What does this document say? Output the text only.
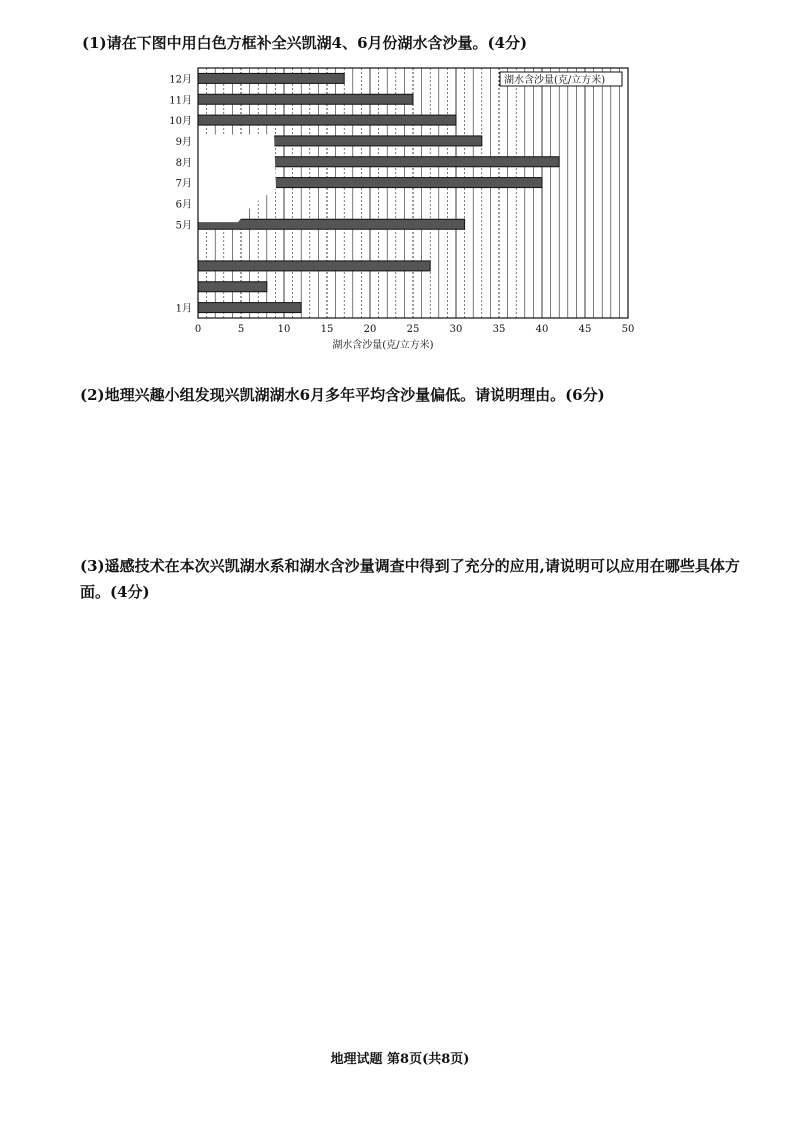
(1)请在下图中用白色方框补全兴凯湖4、6月份湖水含沙量。(4分)

1月
5月
6月
7月
8月
9月
10月
11月
12月
0	5	10	15	20	25	30	35	40	45	50
湖水含沙量(克/立方米)
湖水含沙量(克/立方米)

(2)地理兴趣小组发现兴凯湖湖水6月多年平均含沙量偏低。请说明理由。(6分)

(3)遥感技术在本次兴凯湖水系和湖水含沙量调查中得到了充分的应用,请说明可以应用在哪些具体方面。(4分)

地理试题 第8页(共8页)
